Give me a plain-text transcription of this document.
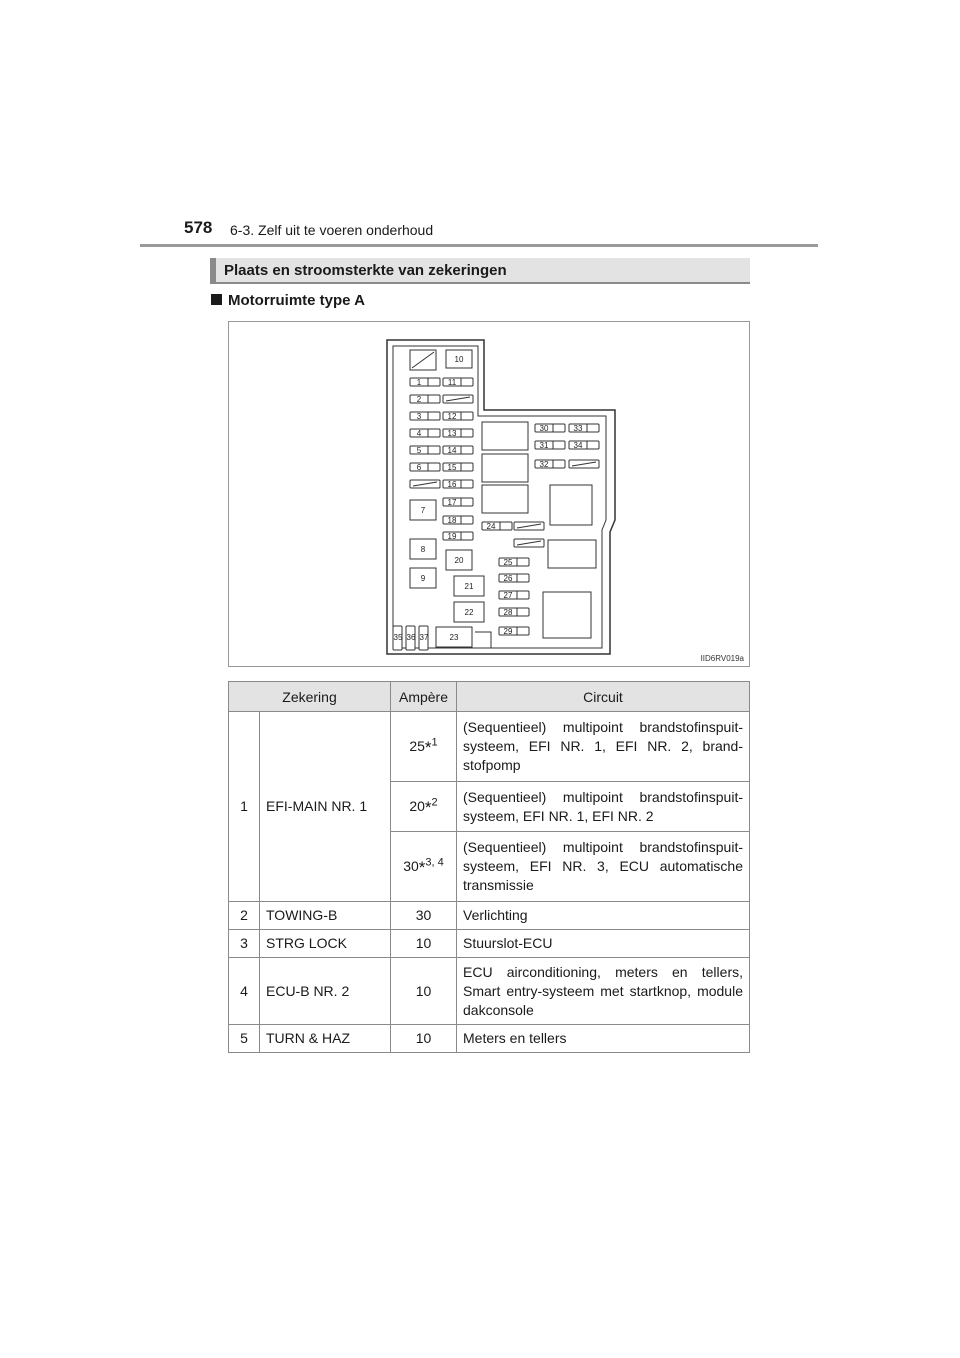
578 6-3. Zelf uit te voeren onderhoud
Plaats en stroomsterkte van zekeringen
Motorruimte type A
10
1
2
3
4
5
6
11
12
13
14
15
16
17
18
19
7
8
9
20
21
22
23
30	33
31	34
32
24
25
26
27
28
29
35 36 37
IID6RV019a
Zekering		Ampère	Circuit
1	EFI-MAIN NR. 1	25*$^1$	(Sequentieel) multipoint brandstofinspuit-systeem, EFI NR. 1, EFI NR. 2, brand-stofpomp
		20*$^2$	(Sequentieel) multipoint brandstofinspuit-systeem, EFI NR. 1, EFI NR. 2
		30*$^{3, 4}$	(Sequentieel) multipoint brandstofinspuit-systeem, EFI NR. 3, ECU automatische transmissie
2	TOWING-B	30	Verlichting
3	STRG LOCK	10	Stuurslot-ECU
4	ECU-B NR. 2	10	ECU airconditioning, meters en tellers, Smart entry-systeem met startknop, module dakconsole
5	TURN & HAZ	10	Meters en tellers
